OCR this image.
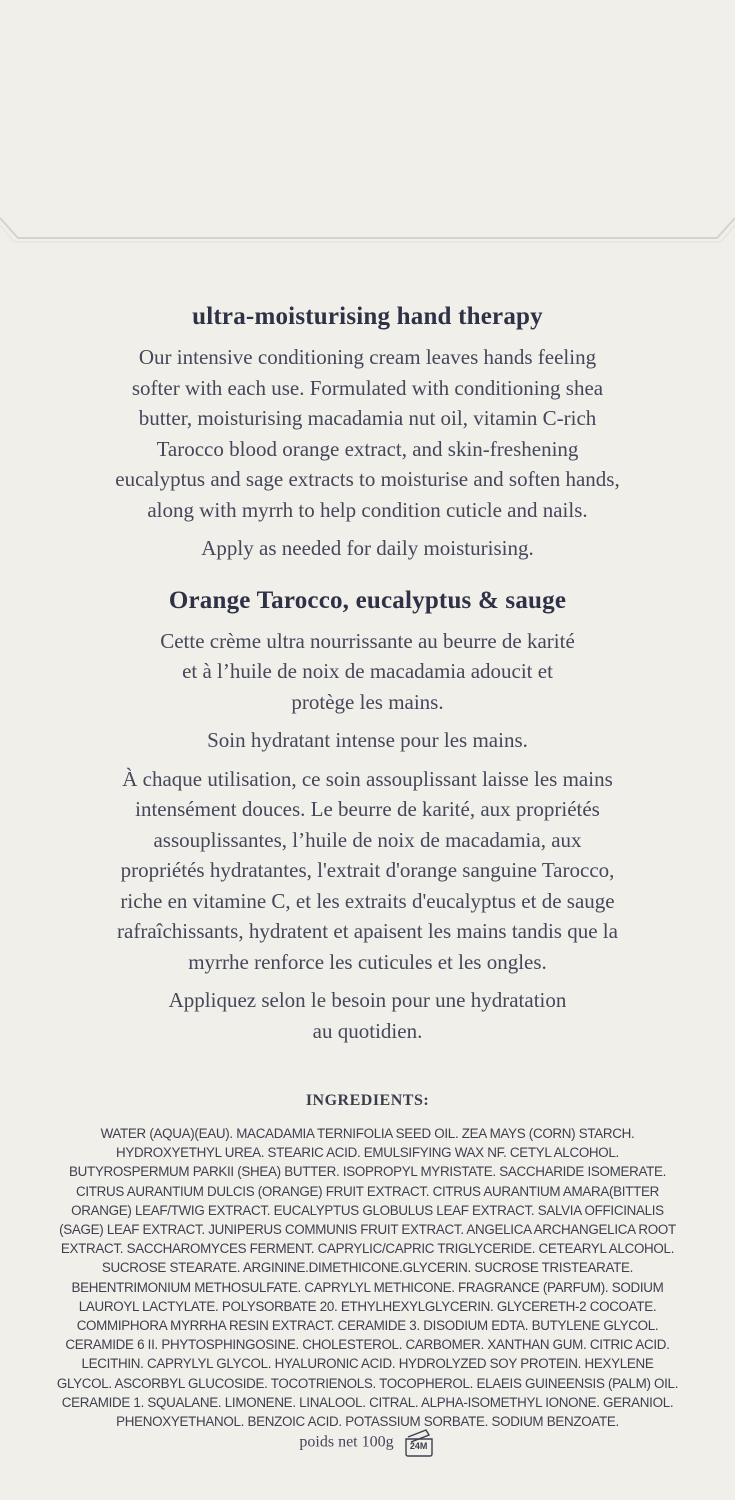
ultra-moisturising hand therapy

Our intensive conditioning cream leaves hands feeling

softer with each use. Formulated with conditioning shea

butter, moisturising macadamia nut oil, vitamin C-rich

Tarocco blood orange extract, and skin-freshening

eucalyptus and sage extracts to moisturise and soften hands,

along with myrrh to help condition cuticle and nails.

Apply as needed for daily moisturising.

Orange Tarocco, eucalyptus & sauge

Cette crème ultra nourrissante au beurre de karité

et à l’huile de noix de macadamia adoucit et

protège les mains.

Soin hydratant intense pour les mains.

À chaque utilisation, ce soin assouplissant laisse les mains

intensément douces. Le beurre de karité, aux propriétés

assouplissantes, l’huile de noix de macadamia, aux

propriétés hydratantes, l'extrait d'orange sanguine Tarocco,

riche en vitamine C, et les extraits d'eucalyptus et de sauge

rafraîchissants, hydratent et apaisent les mains tandis que la

myrrhe renforce les cuticules et les ongles.

Appliquez selon le besoin pour une hydratation

au quotidien.

INGREDIENTS:
WATER (AQUA)(EAU). MACADAMIA TERNIFOLIA SEED OIL. ZEA MAYS (CORN) STARCH.
HYDROXYETHYL UREA. STEARIC ACID. EMULSIFYING WAX NF. CETYL ALCOHOL.
BUTYROSPERMUM PARKII (SHEA) BUTTER. ISOPROPYL MYRISTATE. SACCHARIDE ISOMERATE.
CITRUS AURANTIUM DULCIS (ORANGE) FRUIT EXTRACT. CITRUS AURANTIUM AMARA(BITTER
ORANGE) LEAF/TWIG EXTRACT. EUCALYPTUS GLOBULUS LEAF EXTRACT. SALVIA OFFICINALIS
(SAGE) LEAF EXTRACT. JUNIPERUS COMMUNIS FRUIT EXTRACT. ANGELICA ARCHANGELICA ROOT
EXTRACT. SACCHAROMYCES FERMENT. CAPRYLIC/CAPRIC TRIGLYCERIDE. CETEARYL ALCOHOL.
SUCROSE STEARATE. ARGININE.DIMETHICONE.GLYCERIN. SUCROSE TRISTEARATE.
BEHENTRIMONIUM METHOSULFATE. CAPRYLYL METHICONE. FRAGRANCE (PARFUM). SODIUM
LAUROYL LACTYLATE. POLYSORBATE 20. ETHYLHEXYLGLYCERIN. GLYCERETH-2 COCOATE.
COMMIPHORA MYRRHA RESIN EXTRACT. CERAMIDE 3. DISODIUM EDTA. BUTYLENE GLYCOL.
CERAMIDE 6 II. PHYTOSPHINGOSINE. CHOLESTEROL. CARBOMER. XANTHAN GUM. CITRIC ACID.
LECITHIN. CAPRYLYL GLYCOL. HYALURONIC ACID. HYDROLYZED SOY PROTEIN. HEXYLENE
GLYCOL. ASCORBYL GLUCOSIDE. TOCOTRIENOLS. TOCOPHEROL. ELAEIS GUINEENSIS (PALM) OIL.
CERAMIDE 1. SQUALANE. LIMONENE. LINALOOL. CITRAL. ALPHA-ISOMETHYL IONONE. GERANIOL.
PHENOXYETHANOL. BENZOIC ACID. POTASSIUM SORBATE. SODIUM BENZOATE.
poids net 100g	24M
